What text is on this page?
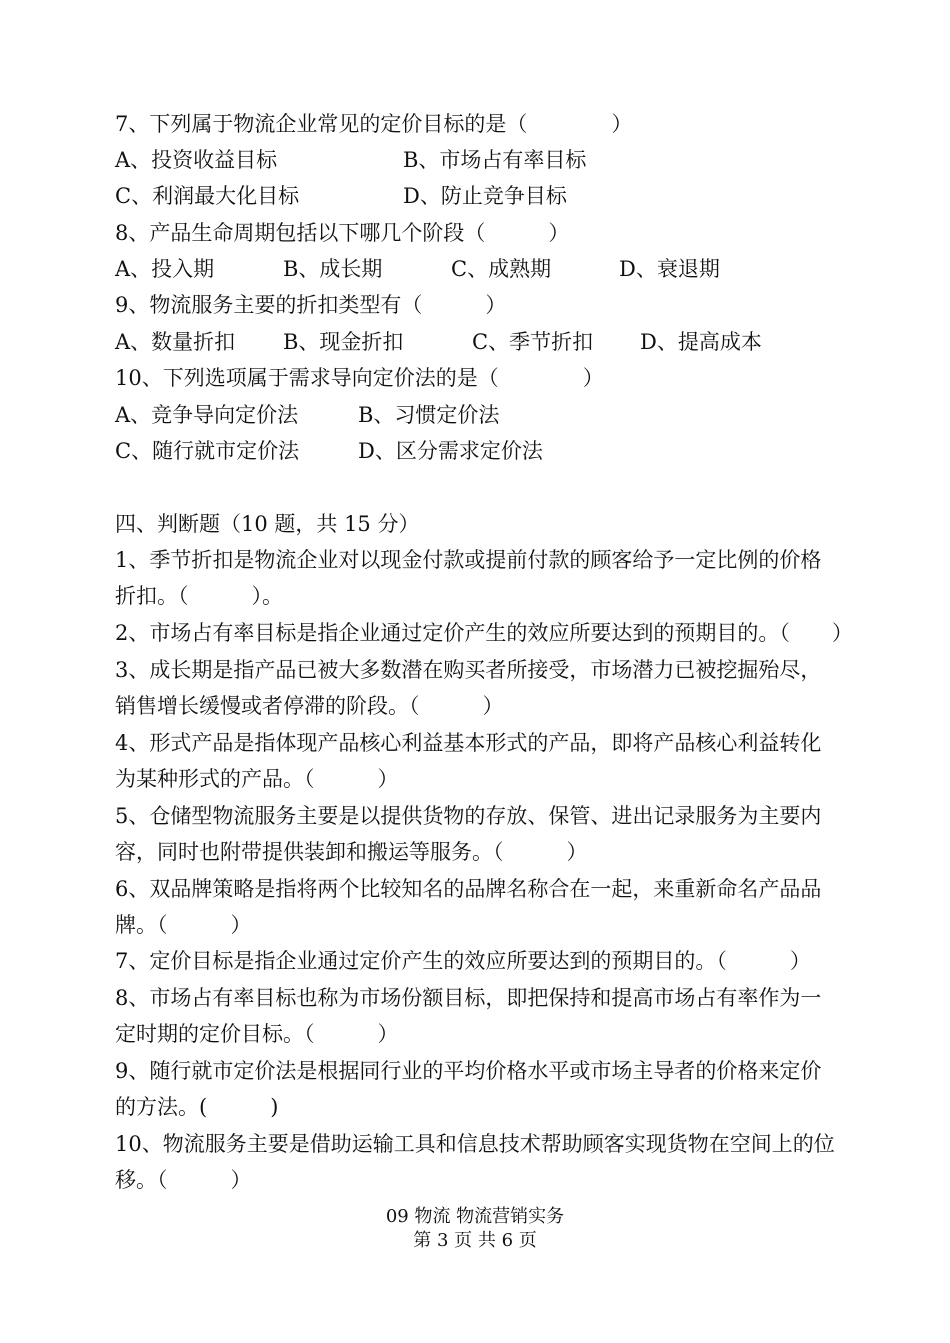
7、下列属于物流企业常见的定价目标的是（　　　　）
A、投资收益目标	B、市场占有率目标
C、利润最大化目标	D、防止竞争目标
8、产品生命周期包括以下哪几个阶段（　　　）
A、投入期	B、成长期	C、成熟期	D、衰退期
9、物流服务主要的折扣类型有（　　　）
A、数量折扣 B、现金折扣	C、季节折扣 D、提高成本
10、下列选项属于需求导向定价法的是（　　　　）
A、竞争导向定价法	B、习惯定价法
C、随行就市定价法	D、区分需求定价法
四、判断题（10 题，共 15 分）
1、季节折扣是物流企业对以现金付款或提前付款的顾客给予一定比例的价格
折扣。（　　　）。
2、市场占有率目标是指企业通过定价产生的效应所要达到的预期目的。（　　）
3、成长期是指产品已被大多数潜在购买者所接受，市场潜力已被挖掘殆尽，
销售增长缓慢或者停滞的阶段。（　　　）
4、形式产品是指体现产品核心利益基本形式的产品，即将产品核心利益转化
为某种形式的产品。（　　　）
5、仓储型物流服务主要是以提供货物的存放、保管、进出记录服务为主要内
容，同时也附带提供装卸和搬运等服务。（　　　）
6、双品牌策略是指将两个比较知名的品牌名称合在一起，来重新命名产品品
牌。（　　　）
7、定价目标是指企业通过定价产生的效应所要达到的预期目的。（　　　）
8、市场占有率目标也称为市场份额目标，即把保持和提高市场占有率作为一
定时期的定价目标。（　　　）
9、随行就市定价法是根据同行业的平均价格水平或市场主导者的价格来定价
的方法。(　　　)
10、物流服务主要是借助运输工具和信息技术帮助顾客实现货物在空间上的位
移。（　　　）
09 物流 物流营销实务
第 3 页 共 6 页
